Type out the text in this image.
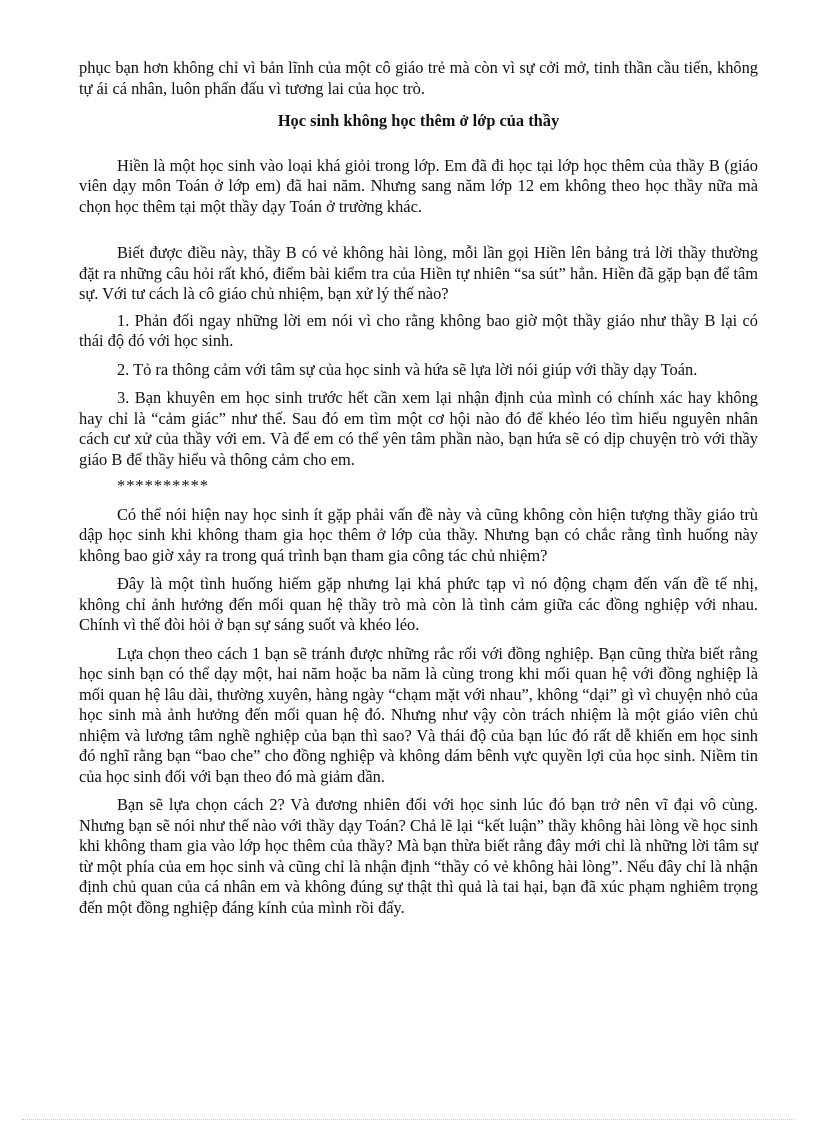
phục bạn hơn không chỉ vì bản lĩnh của một cô giáo trẻ mà còn vì sự cởi mở, tinh thần cầu tiến, không tự ái cá nhân, luôn phấn đấu vì tương lai của học trò.

Học sinh không học thêm ở lớp của thầy

Hiền là một học sinh vào loại khá giỏi trong lớp. Em đã đi học tại lớp học thêm của thầy B (giáo viên dạy môn Toán ở lớp em) đã hai năm. Nhưng sang năm lớp 12 em không theo học thầy nữa mà chọn học thêm tại một thầy dạy Toán ở trường khác.

Biết được điều này, thầy B có vẻ không hài lòng, mỗi lần gọi Hiền lên bảng trả lời thầy thường đặt ra những câu hỏi rất khó, điểm bài kiểm tra của Hiền tự nhiên “sa sút” hẳn. Hiền đã gặp bạn để tâm sự. Với tư cách là cô giáo chủ nhiệm, bạn xử lý thế nào?

1. Phản đối ngay những lời em nói vì cho rằng không bao giờ một thầy giáo như thầy B lại có thái độ đó với học sinh.

2. Tỏ ra thông cảm với tâm sự của học sinh và hứa sẽ lựa lời nói giúp với thầy dạy Toán.

3. Bạn khuyên em học sinh trước hết cần xem lại nhận định của mình có chính xác hay không hay chỉ là “cảm giác” như thế. Sau đó em tìm một cơ hội nào đó để khéo léo tìm hiểu nguyên nhân cách cư xử của thầy với em. Và để em có thể yên tâm phần nào, bạn hứa sẽ có dịp chuyện trò với thầy giáo B để thầy hiểu và thông cảm cho em.

**********

Có thể nói hiện nay học sinh ít gặp phải vấn đề này và cũng không còn hiện tượng thầy giáo trù dập học sinh khi không tham gia học thêm ở lớp của thầy. Nhưng bạn có chắc rằng tình huống này không bao giờ xảy ra trong quá trình bạn tham gia công tác chủ nhiệm?

Đây là một tình huống hiếm gặp nhưng lại khá phức tạp vì nó động chạm đến vấn đề tế nhị, không chỉ ảnh hưởng đến mối quan hệ thầy trò mà còn là tình cảm giữa các đồng nghiệp với nhau. Chính vì thế đòi hỏi ở bạn sự sáng suốt và khéo léo.

Lựa chọn theo cách 1 bạn sẽ tránh được những rắc rối với đồng nghiệp. Bạn cũng thừa biết rằng học sinh bạn có thể dạy một, hai năm hoặc ba năm là cùng trong khi mối quan hệ với đồng nghiệp là mối quan hệ lâu dài, thường xuyên, hàng ngày “chạm mặt với nhau”, không “dại” gì vì chuyện nhỏ của học sinh mà ảnh hưởng đến mối quan hệ đó. Nhưng như vậy còn trách nhiệm là một giáo viên chủ nhiệm và lương tâm nghề nghiệp của bạn thì sao? Và thái độ của bạn lúc đó rất dễ khiến em học sinh đó nghĩ rằng bạn “bao che” cho đồng nghiệp và không dám bênh vực quyền lợi của học sinh. Niềm tin của học sinh đối với bạn theo đó mà giảm dần.

Bạn sẽ lựa chọn cách 2? Và đương nhiên đối với học sinh lúc đó bạn trở nên vĩ đại vô cùng. Nhưng bạn sẽ nói như thế nào với thầy dạy Toán? Chả lẽ lại “kết luận” thầy không hài lòng về học sinh khi không tham gia vào lớp học thêm của thầy? Mà bạn thừa biết rằng đây mới chỉ là những lời tâm sự từ một phía của em học sinh và cũng chỉ là nhận định “thầy có vẻ không hài lòng”. Nếu đây chỉ là nhận định chủ quan của cá nhân em và không đúng sự thật thì quả là tai hại, bạn đã xúc phạm nghiêm trọng đến một đồng nghiệp đáng kính của mình rồi đấy.
